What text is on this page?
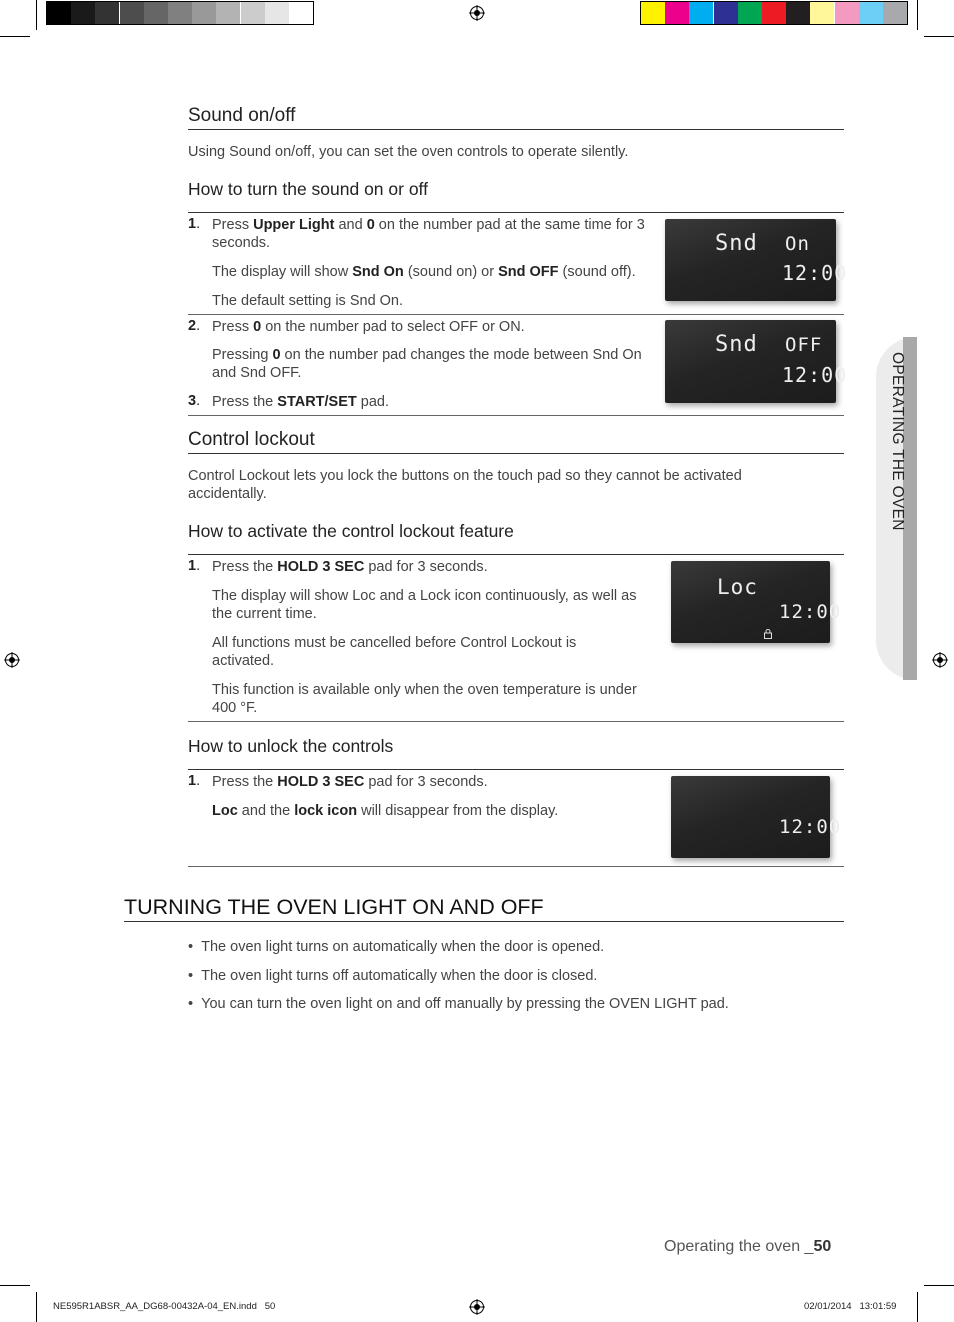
OPERATING THE OVEN
Sound on/off

Using Sound on/off, you can set the oven controls to operate silently.

How to turn the sound on or off
1. Press Upper Light and 0 on the number pad at the same time for 3 seconds.

The display will show Snd On (sound on) or Snd OFF (sound off).

The default setting is Snd On.

Snd On
12:00
2. Press 0 on the number pad to select OFF or ON.

Pressing 0 on the number pad changes the mode between Snd On and Snd OFF.

3. Press the START/SET pad.

Snd OFF
12:00
Control lockout

Control Lockout lets you lock the buttons on the touch pad so they cannot be activated accidentally.

How to activate the control lockout feature
1. Press the HOLD 3 SEC pad for 3 seconds.

The display will show Loc and a Lock icon continuously, as well as the current time.

All functions must be cancelled before Control Lockout is activated.

This function is available only when the oven temperature is under 400 °F.

Loc
12:00
How to unlock the controls
1. Press the HOLD 3 SEC pad for 3 seconds.

Loc and the lock icon will disappear from the display.

12:00
TURNING THE OVEN LIGHT ON AND OFF
•  The oven light turns on automatically when the door is opened.
•  The oven light turns off automatically when the door is closed.
•  You can turn the oven light on and off manually by pressing the OVEN LIGHT pad.
Operating the oven _50
NE595R1ABSR_AA_DG68-00432A-04_EN.indd   50	02/01/2014   13:01:59
